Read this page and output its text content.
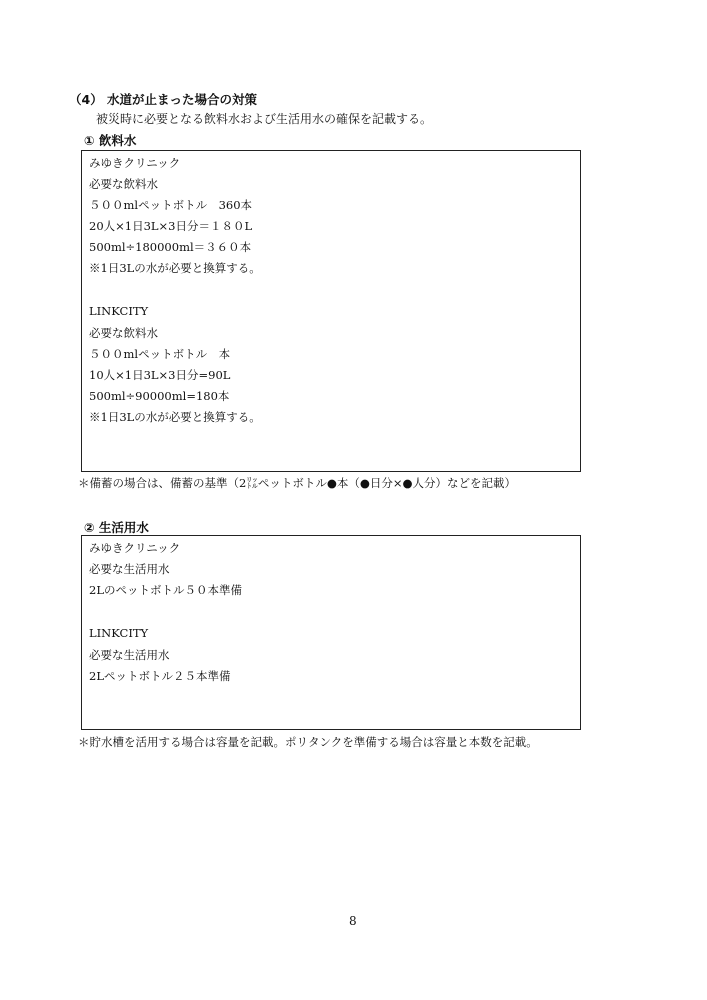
（4） 水道が止まった場合の対策
被災時に必要となる飲料水および生活用水の確保を記載する。
① 飲料水
みゆきクリニック
必要な飲料水
５００mlペットボトル　360本
20人×1日3L×3日分＝１８０L
500ml÷180000ml＝３６０本
※1日3Lの水が必要と換算する。
LINKCITY
必要な飲料水
５００mlペットボトル　本
10人×1日3L×3日分=90L
500ml÷90000ml=180本
※1日3Lの水が必要と換算する。
＊備蓄の場合は、備蓄の基準（2㍑ペットボトル●本（●日分×●人分）などを記載）
② 生活用水
みゆきクリニック
必要な生活用水
2Lのペットボトル５０本準備
LINKCITY
必要な生活用水
2Lペットボトル２５本準備
＊貯水槽を活用する場合は容量を記載。ポリタンクを準備する場合は容量と本数を記載。
8
